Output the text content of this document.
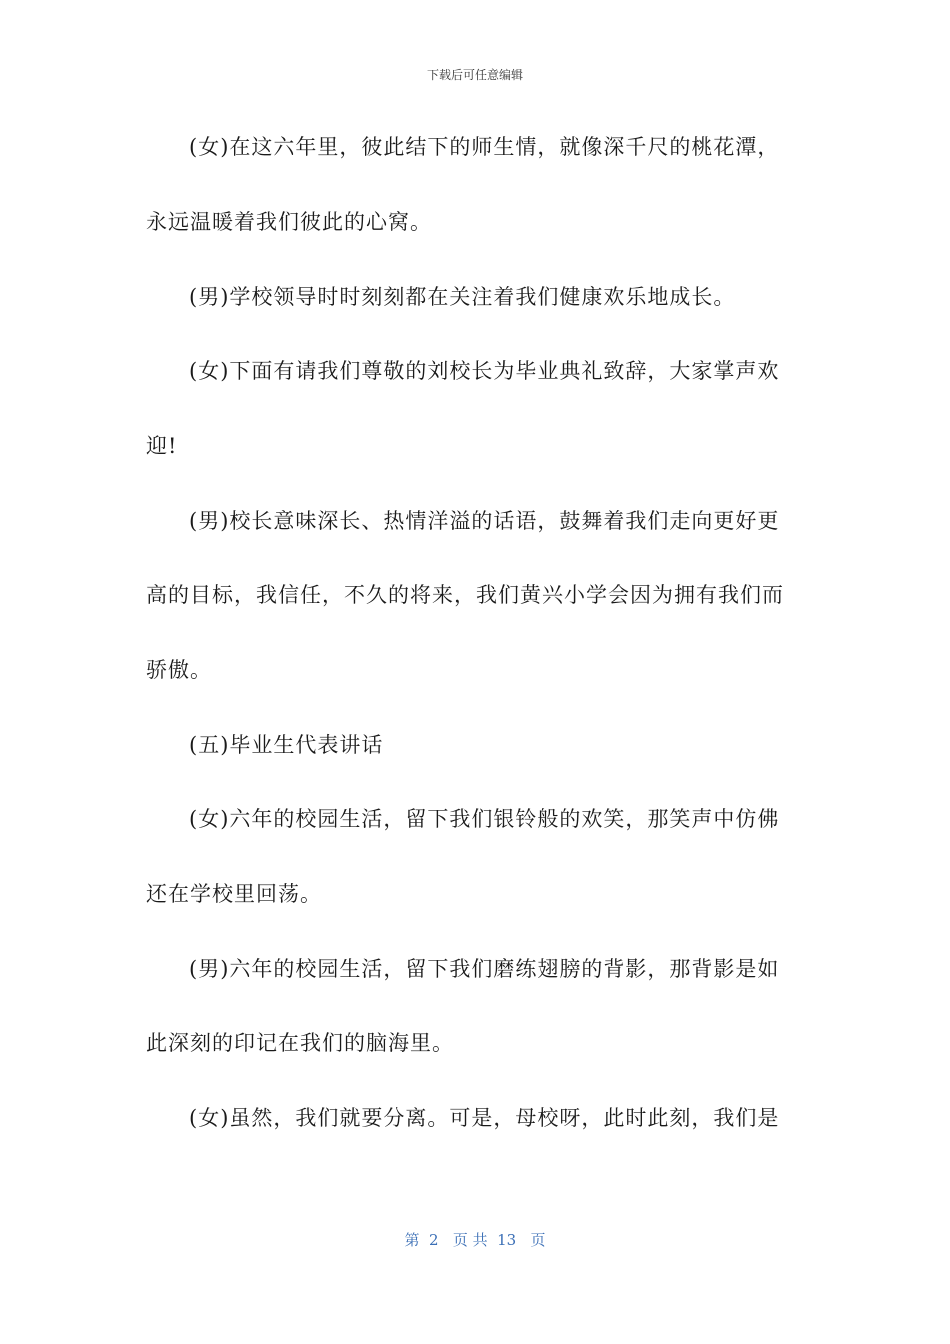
下载后可任意编辑
(女)在这六年里，彼此结下的师生情，就像深千尺的桃花潭，
永远温暖着我们彼此的心窝。
(男)学校领导时时刻刻都在关注着我们健康欢乐地成长。
(女)下面有请我们尊敬的刘校长为毕业典礼致辞，大家掌声欢
迎!
(男)校长意味深长、热情洋溢的话语，鼓舞着我们走向更好更
高的目标，我信任，不久的将来，我们黄兴小学会因为拥有我们而
骄傲。
(五)毕业生代表讲话
(女)六年的校园生活，留下我们银铃般的欢笑，那笑声中仿佛
还在学校里回荡。
(男)六年的校园生活，留下我们磨练翅膀的背影，那背影是如
此深刻的印记在我们的脑海里。
(女)虽然，我们就要分离。可是，母校呀，此时此刻，我们是
第  2   页 共  13   页
